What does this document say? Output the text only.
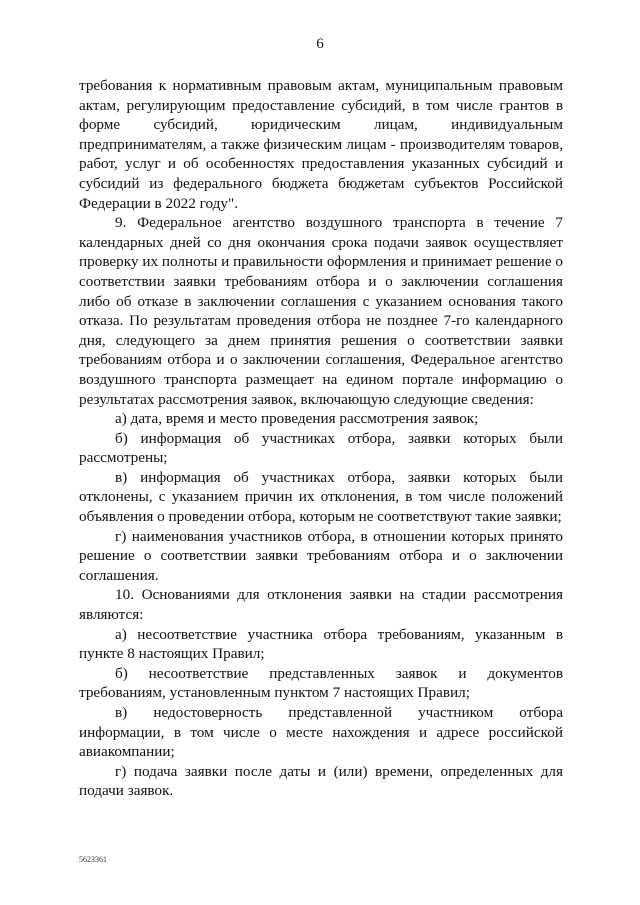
6

требования к нормативным правовым актам, муниципальным правовым актам, регулирующим предоставление субсидий, в том числе грантов в форме субсидий, юридическим лицам, индивидуальным предпринимателям, а также физическим лицам - производителям товаров, работ, услуг и об особенностях предоставления указанных субсидий и субсидий из федерального бюджета бюджетам субъектов Российской Федерации в 2022 году".

9. Федеральное агентство воздушного транспорта в течение 7 календарных дней со дня окончания срока подачи заявок осуществляет проверку их полноты и правильности оформления и принимает решение о соответствии заявки требованиям отбора и о заключении соглашения либо об отказе в заключении соглашения с указанием основания такого отказа. По результатам проведения отбора не позднее 7-го календарного дня, следующего за днем принятия решения о соответствии заявки требованиям отбора и о заключении соглашения, Федеральное агентство воздушного транспорта размещает на едином портале информацию о результатах рассмотрения заявок, включающую следующие сведения:

а) дата, время и место проведения рассмотрения заявок;

б) информация об участниках отбора, заявки которых были рассмотрены;

в) информация об участниках отбора, заявки которых были отклонены, с указанием причин их отклонения, в том числе положений объявления о проведении отбора, которым не соответствуют такие заявки;

г) наименования участников отбора, в отношении которых принято решение о соответствии заявки требованиям отбора и о заключении соглашения.

10. Основаниями для отклонения заявки на стадии рассмотрения являются:

а) несоответствие участника отбора требованиям, указанным в пункте 8 настоящих Правил;

б) несоответствие представленных заявок и документов требованиям, установленным пунктом 7 настоящих Правил;

в) недостоверность представленной участником отбора информации, в том числе о месте нахождения и адресе российской авиакомпании;

г) подача заявки после даты и (или) времени, определенных для подачи заявок.

5623361
